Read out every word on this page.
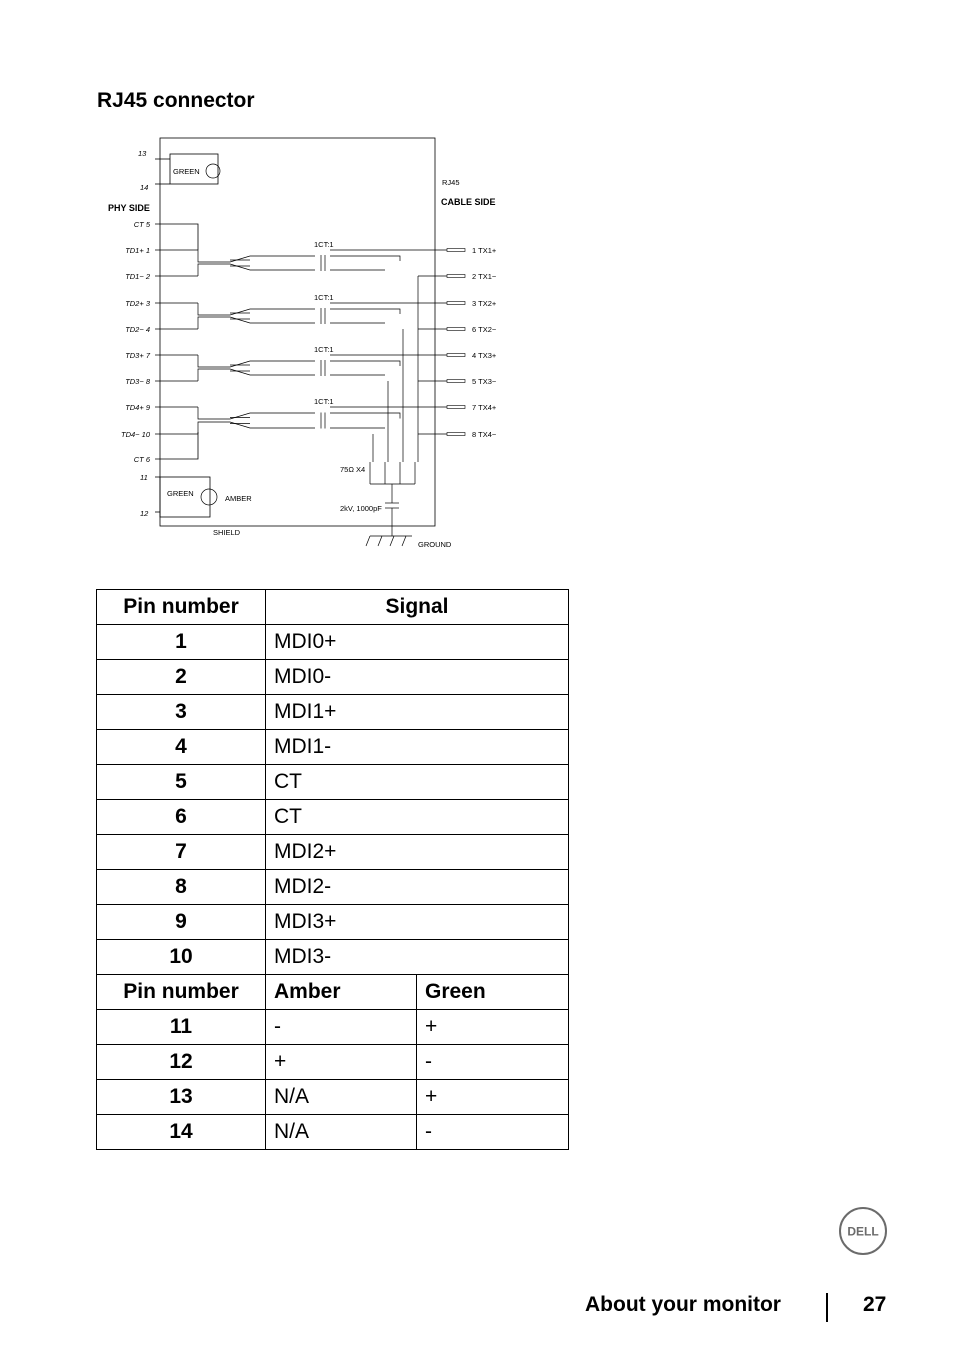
RJ45 connector
GREEN
13
14
PHY SIDE
RJ45
CABLE SIDE
GREEN
AMBER
11
12
SHIELD
GROUND
75Ω X4
2kV, 1000pF
CT 5
TD1+ 1
TD1− 2
TD2+ 3
TD2− 4
TD3+ 7
TD3− 8
TD4+ 9
TD4− 10
CT 6
1 TX1+
2 TX1−
3 TX2+
6 TX2−
4 TX3+
5 TX3−
7 TX4+
8 TX4−
1CT:1
1CT:1
1CT:1
1CT:1
Pin number	Signal	
1	MDI0+	
2	MDI0-	
3	MDI1+	
4	MDI1-	
5	CT	
6	CT	
7	MDI2+	
8	MDI2-	
9	MDI3+	
10	MDI3-	
Pin number	Amber	Green
11	-	+
12	+	-
13	N/A	+
14	N/A	-
DELL
About your monitor	27
